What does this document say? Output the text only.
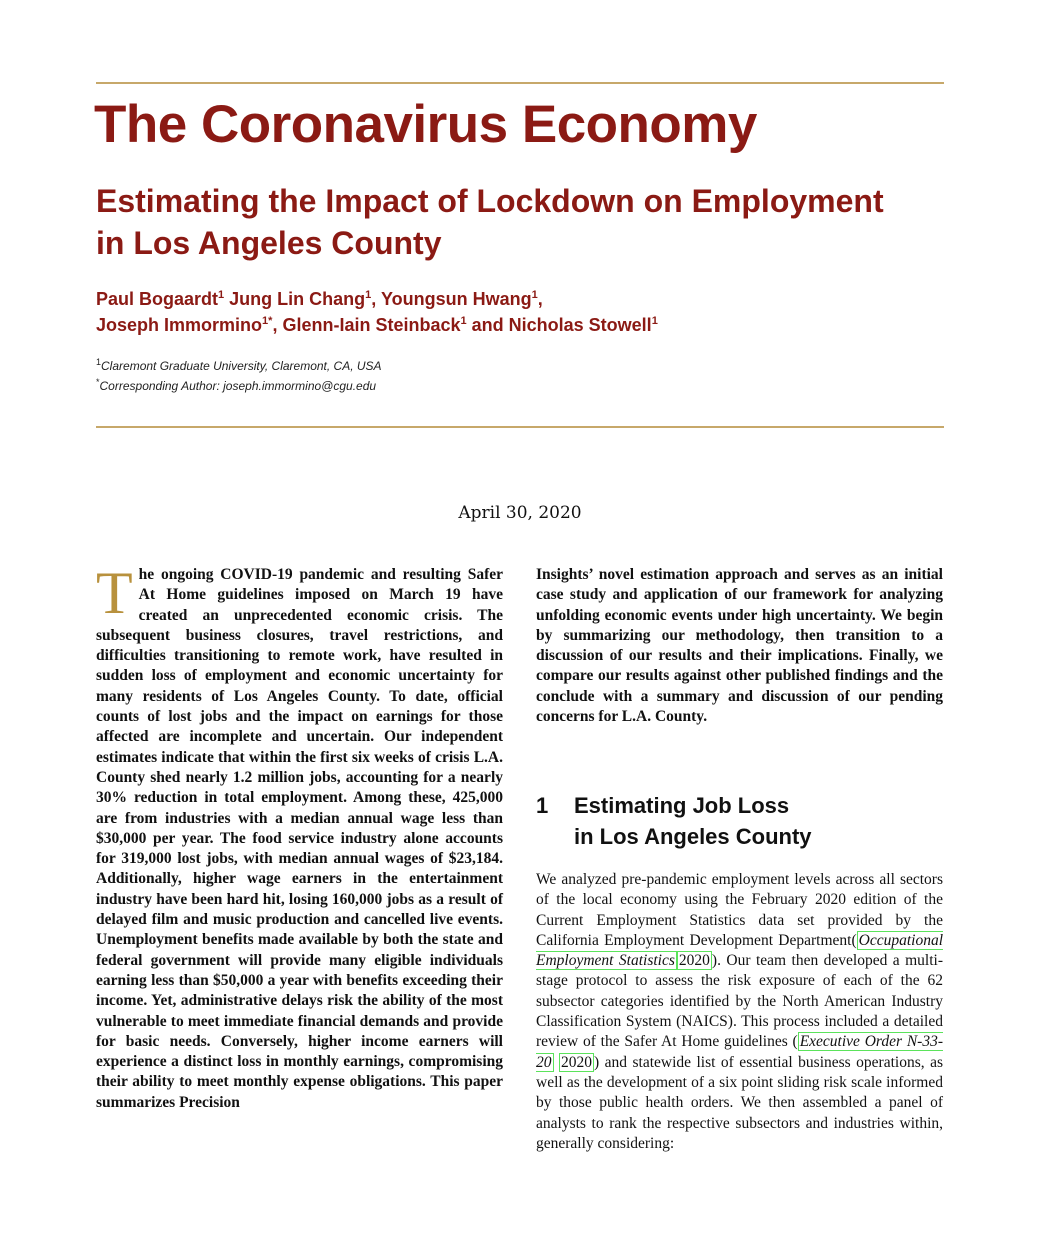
The Coronavirus Economy
Estimating the Impact of Lockdown on Employment in Los Angeles County
Paul Bogaardt$^1$ Jung Lin Chang$^1$, Youngsun Hwang$^1$,
Joseph Immormino$^{1*}$, Glenn-Iain Steinback$^1$ and Nicholas Stowell$^1$
$^1$Claremont Graduate University, Claremont, CA, USA
*Corresponding Author: joseph.immormino@cgu.edu
April 30, 2020
The ongoing COVID-19 pandemic and resulting Safer At Home guidelines imposed on March 19 have created an unprecedented economic crisis. The subsequent business closures, travel restrictions, and difficulties transitioning to remote work, have resulted in sudden loss of employment and economic uncertainty for many residents of Los Angeles County. To date, official counts of lost jobs and the impact on earnings for those affected are incomplete and uncertain. Our independent estimates indicate that within the first six weeks of crisis L.A. County shed nearly 1.2 million jobs, accounting for a nearly 30% reduction in total employment. Among these, 425,000 are from industries with a median annual wage less than $30,000 per year. The food service industry alone accounts for 319,000 lost jobs, with median annual wages of $23,184. Additionally, higher wage earners in the entertainment industry have been hard hit, losing 160,000 jobs as a result of delayed film and music production and cancelled live events. Unemployment benefits made available by both the state and federal government will provide many eligible individuals earning less than $50,000 a year with benefits exceeding their income. Yet, administrative delays risk the ability of the most vulnerable to meet immediate financial demands and provide for basic needs. Conversely, higher income earners will experience a distinct loss in monthly earnings, compromising their ability to meet monthly expense obligations. This paper summarizes Precision
Insights’ novel estimation approach and serves as an initial case study and application of our framework for analyzing unfolding economic events under high uncertainty. We begin by summarizing our methodology, then transition to a discussion of our results and their implications. Finally, we compare our results against other published findings and the conclude with a summary and discussion of our pending concerns for L.A. County.
1	Estimating Job Loss
in Los Angeles County
We analyzed pre-pandemic employment levels across all sectors of the local economy using the February 2020 edition of the Current Employment Statistics data set provided by the California Employment Development Department( Occupational Employment Statistics 2020 ). Our team then developed a multi-stage protocol to assess the risk exposure of each of the 62 subsector categories identified by the North American Industry Classification System (NAICS). This process included a detailed review of the Safer At Home guidelines ( Executive Order N-33-20 2020 ) and statewide list of essential business operations, as well as the development of a six point sliding risk scale informed by those public health orders. We then assembled a panel of analysts to rank the respective subsectors and industries within, generally considering:
